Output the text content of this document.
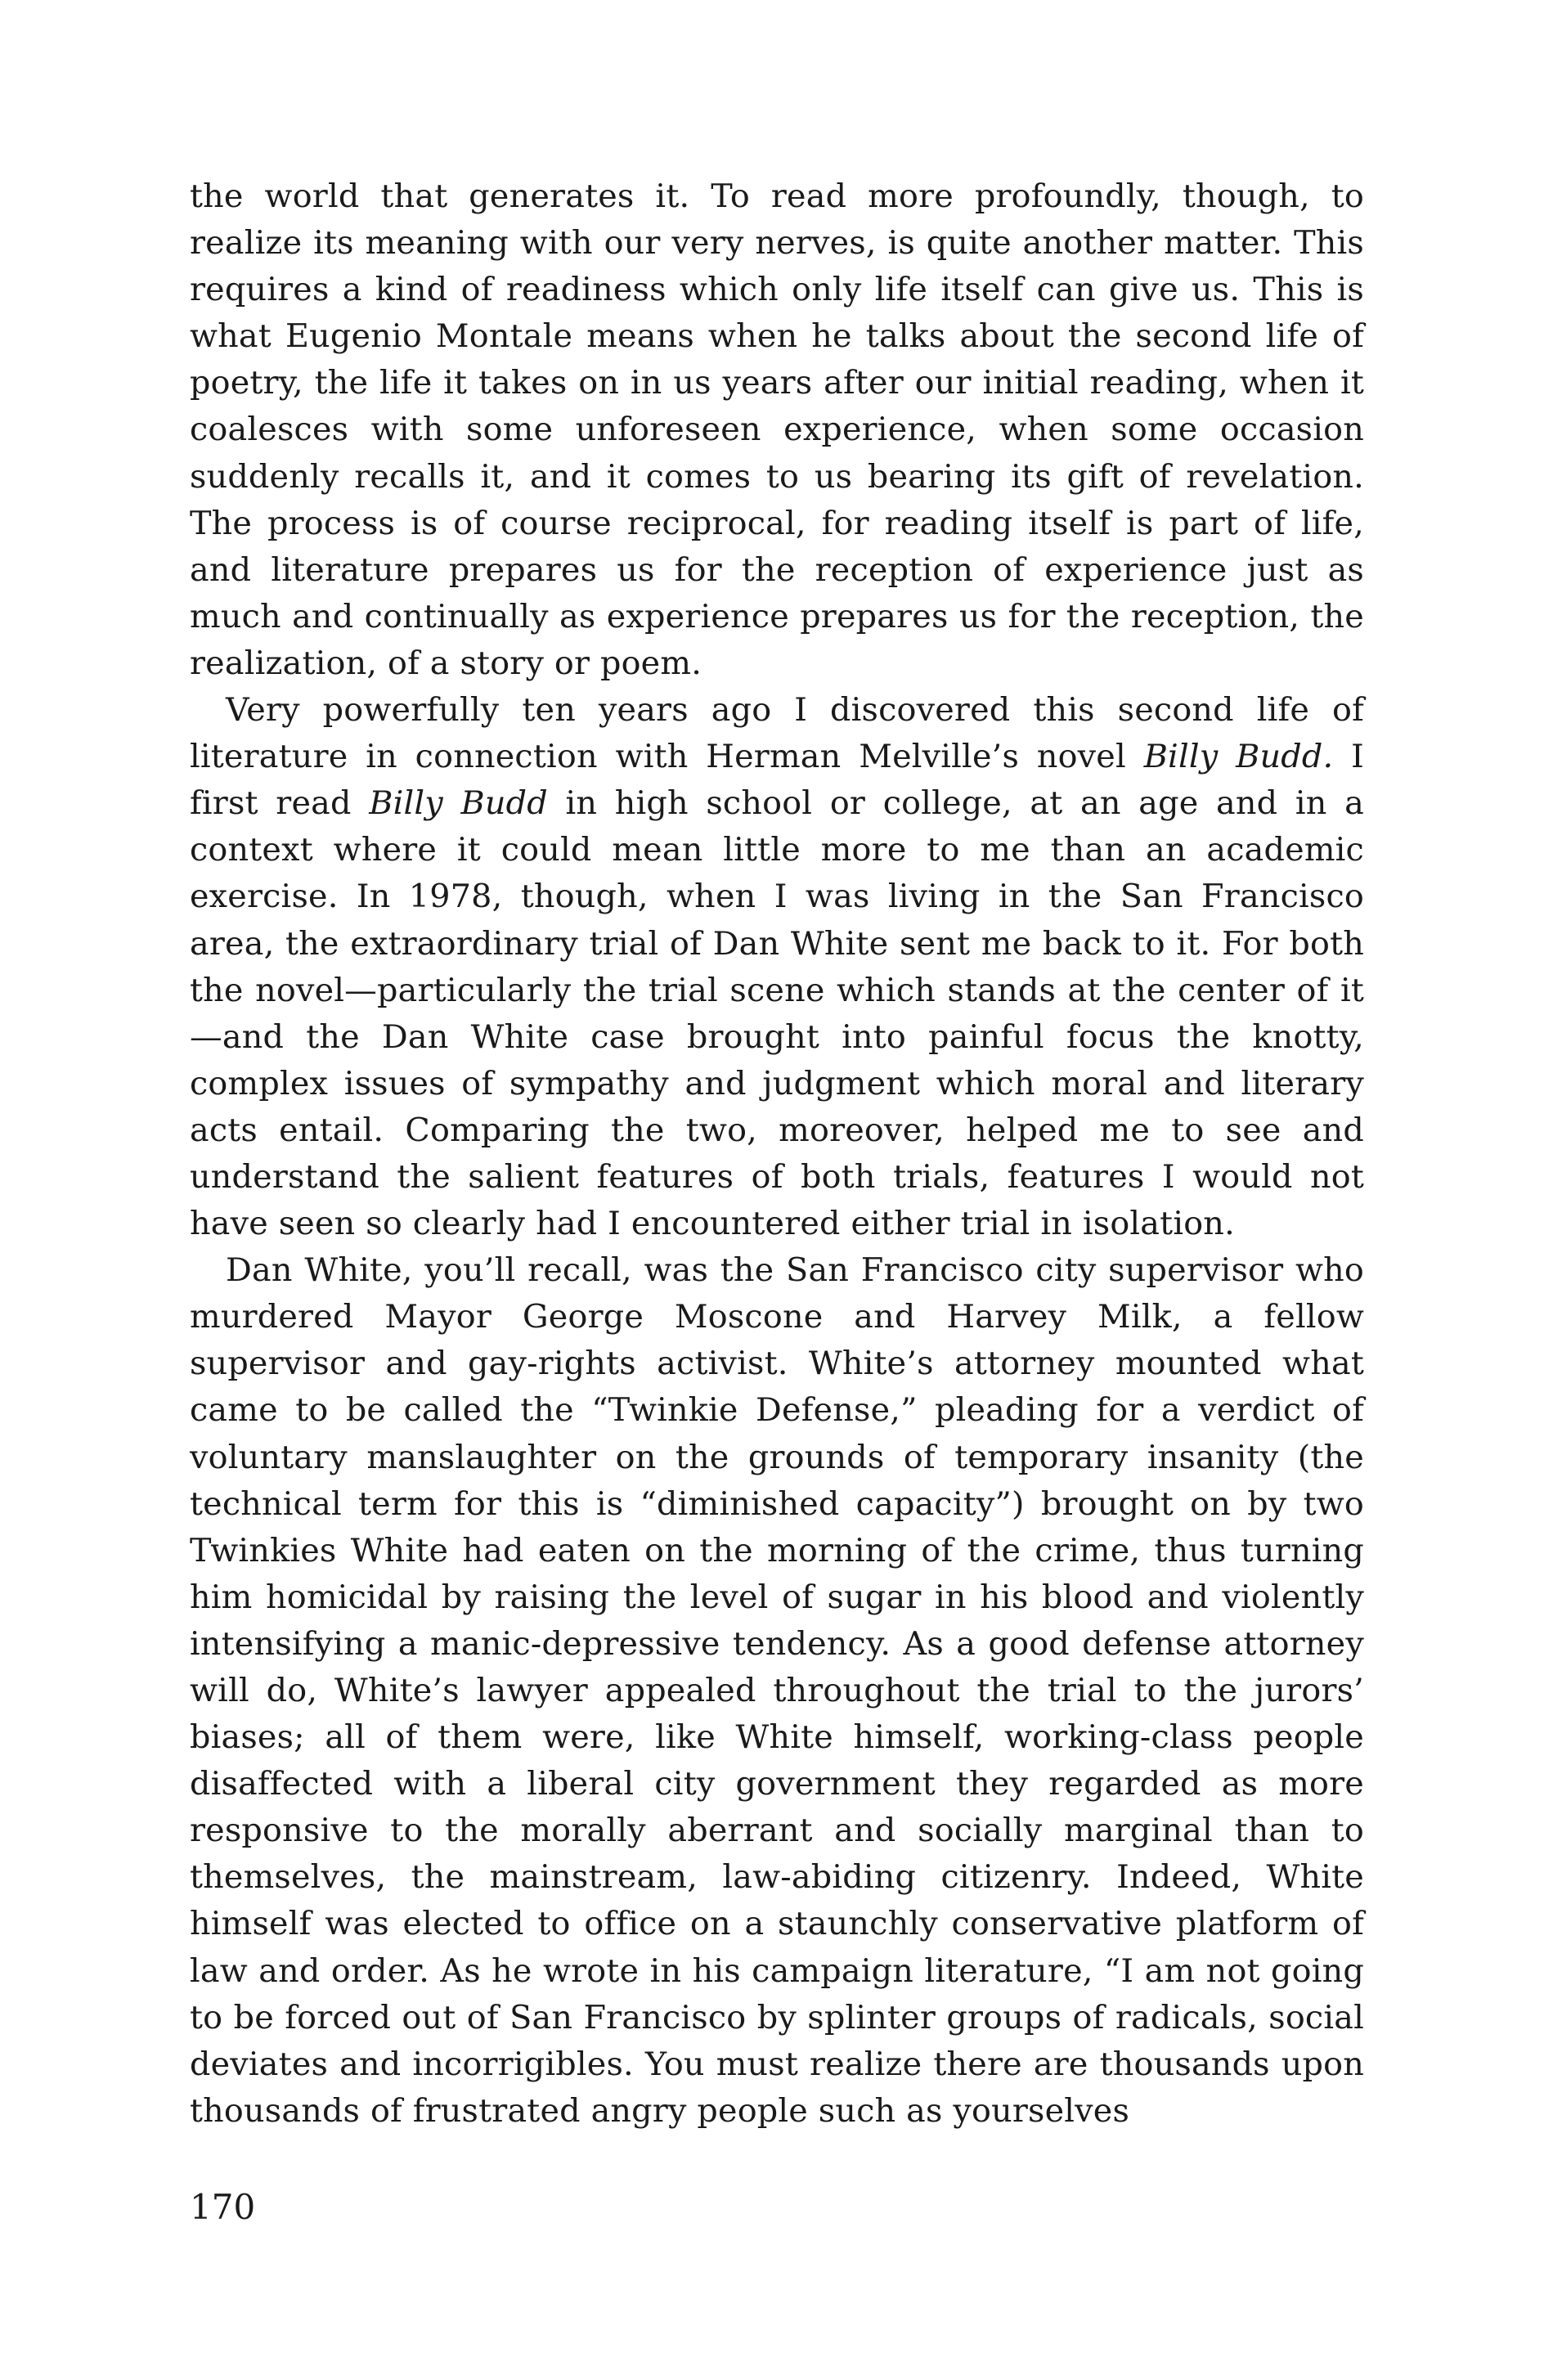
the world that generates it. To read more profoundly, though, to realize its meaning with our very nerves, is quite another matter. This requires a kind of readiness which only life itself can give us. This is what Eugenio Montale means when he talks about the second life of poetry, the life it takes on in us years after our initial reading, when it coalesces with some unforeseen experience, when some occasion suddenly recalls it, and it comes to us bearing its gift of revelation. The process is of course reciprocal, for reading itself is part of life, and literature prepares us for the reception of experience just as much and continually as experience prepares us for the reception, the realization, of a story or poem.

Very powerfully ten years ago I discovered this second life of literature in connection with Herman Melville’s novel Billy Budd. I first read Billy Budd in high school or college, at an age and in a context where it could mean little more to me than an academic exercise. In 1978, though, when I was living in the San Francisco area, the extraordinary trial of Dan White sent me back to it. For both the novel—particularly the trial scene which stands at the center of it—and the Dan White case brought into painful focus the knotty, complex issues of sympathy and judgment which moral and literary acts entail. Comparing the two, moreover, helped me to see and understand the salient features of both trials, features I would not have seen so clearly had I encountered either trial in isolation.

Dan White, you’ll recall, was the San Francisco city supervisor who murdered Mayor George Moscone and Harvey Milk, a fellow supervisor and gay-rights activist. White’s attorney mounted what came to be called the “Twinkie Defense,” pleading for a verdict of voluntary manslaughter on the grounds of temporary insanity (the technical term for this is “diminished capacity”) brought on by two Twinkies White had eaten on the morning of the crime, thus turning him homicidal by raising the level of sugar in his blood and violently intensifying a manic-depressive tendency. As a good defense attorney will do, White’s lawyer appealed throughout the trial to the jurors’ biases; all of them were, like White himself, working-class people disaffected with a liberal city government they regarded as more responsive to the morally aberrant and socially marginal than to themselves, the mainstream, law-abiding citizenry. Indeed, White himself was elected to office on a staunchly conservative platform of law and order. As he wrote in his campaign literature, “I am not going to be forced out of San Francisco by splinter groups of radicals, social deviates and incorrigibles. You must realize there are thousands upon thousands of frustrated angry people such as yourselves

170
